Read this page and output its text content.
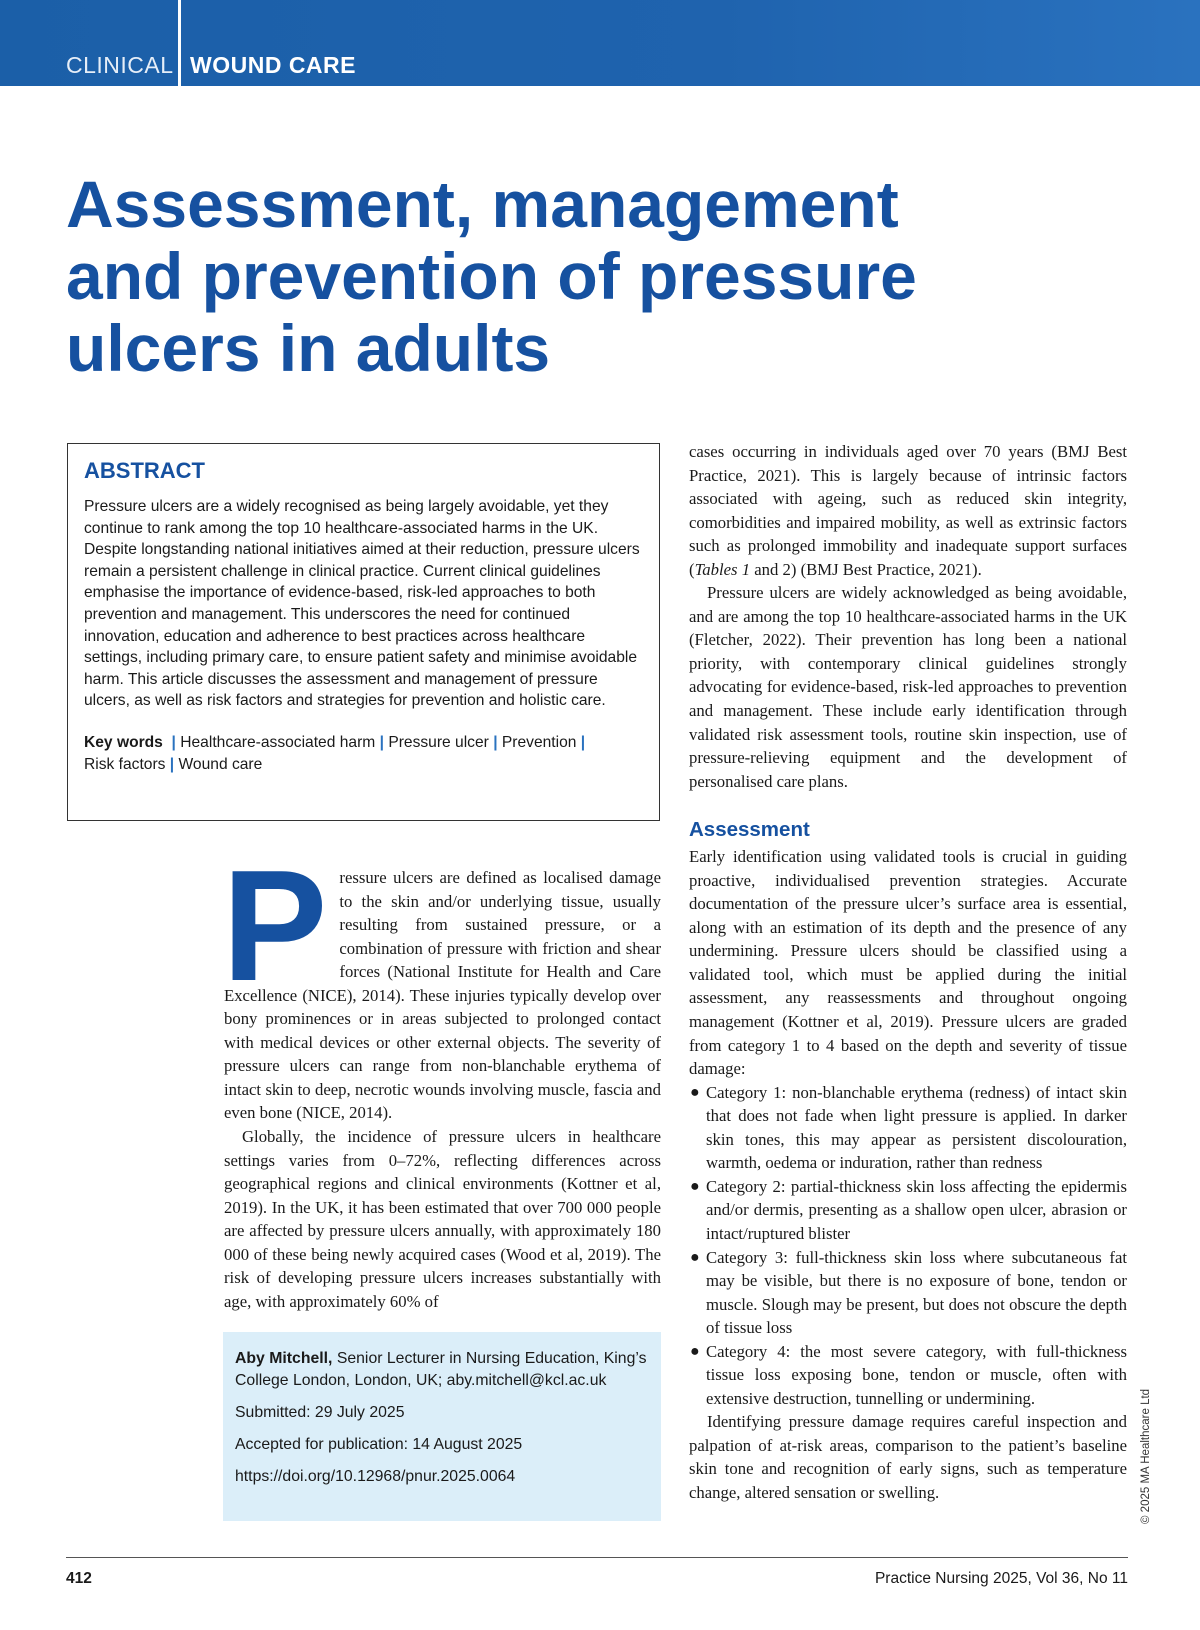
CLINICAL WOUND CARE
Assessment, management and prevention of pressure ulcers in adults
ABSTRACT

Pressure ulcers are a widely recognised as being largely avoidable, yet they continue to rank among the top 10 healthcare-associated harms in the UK. Despite longstanding national initiatives aimed at their reduction, pressure ulcers remain a persistent challenge in clinical practice. Current clinical guidelines emphasise the importance of evidence-based, risk-led approaches to both prevention and management. This underscores the need for continued innovation, education and adherence to best practices across healthcare settings, including primary care, to ensure patient safety and minimise avoidable harm. This article discusses the assessment and management of pressure ulcers, as well as risk factors and strategies for prevention and holistic care.

Key words  | Healthcare-associated harm | Pressure ulcer | Prevention |
Risk factors | Wound care

Pressure ulcers are defined as localised damage to the skin and/or underlying tissue, usually resulting from sustained pressure, or a combination of pressure with friction and shear forces (National Institute for Health and Care Excellence (NICE), 2014). These injuries typically develop over bony prominences or in areas subjected to prolonged contact with medical devices or other external objects. The severity of pressure ulcers can range from non-blanchable erythema of intact skin to deep, necrotic wounds involving muscle, fascia and even bone (NICE, 2014).

Globally, the incidence of pressure ulcers in healthcare settings varies from 0–72%, reflecting differences across geographical regions and clinical environments (Kottner et al, 2019). In the UK, it has been estimated that over 700 000 people are affected by pressure ulcers annually, with approximately 180 000 of these being newly acquired cases (Wood et al, 2019). The risk of developing pressure ulcers increases substantially with age, with approximately 60% of

Aby Mitchell, Senior Lecturer in Nursing Education, King’s College London, London, UK; aby.mitchell@kcl.ac.uk

Submitted: 29 July 2025

Accepted for publication: 14 August 2025

https://doi.org/10.12968/pnur.2025.0064

cases occurring in individuals aged over 70 years (BMJ Best Practice, 2021). This is largely because of intrinsic factors associated with ageing, such as reduced skin integrity, comorbidities and impaired mobility, as well as extrinsic factors such as prolonged immobility and inadequate support surfaces (Tables 1 and 2) (BMJ Best Practice, 2021).

Pressure ulcers are widely acknowledged as being avoidable, and are among the top 10 healthcare-associated harms in the UK (Fletcher, 2022). Their prevention has long been a national priority, with contemporary clinical guidelines strongly advocating for evidence-based, risk-led approaches to prevention and management. These include early identification through validated risk assessment tools, routine skin inspection, use of pressure-relieving equipment and the development of personalised care plans.

Assessment

Early identification using validated tools is crucial in guiding proactive, individualised prevention strategies. Accurate documentation of the pressure ulcer’s surface area is essential, along with an estimation of its depth and the presence of any undermining. Pressure ulcers should be classified using a validated tool, which must be applied during the initial assessment, any reassessments and throughout ongoing management (Kottner et al, 2019). Pressure ulcers are graded from category 1 to 4 based on the depth and severity of tissue damage:

● Category 1: non-blanchable erythema (redness) of intact skin that does not fade when light pressure is applied. In darker skin tones, this may appear as persistent discolouration, warmth, oedema or induration, rather than redness
● Category 2: partial-thickness skin loss affecting the epidermis and/or dermis, presenting as a shallow open ulcer, abrasion or intact/ruptured blister
● Category 3: full-thickness skin loss where subcutaneous fat may be visible, but there is no exposure of bone, tendon or muscle. Slough may be present, but does not obscure the depth of tissue loss
● Category 4: the most severe category, with full-thickness tissue loss exposing bone, tendon or muscle, often with extensive destruction, tunnelling or undermining.

Identifying pressure damage requires careful inspection and palpation of at-risk areas, comparison to the patient’s baseline skin tone and recognition of early signs, such as temperature change, altered sensation or swelling.	© 2025 MA Healthcare Ltd
412	Practice Nursing 2025, Vol 36, No 11
